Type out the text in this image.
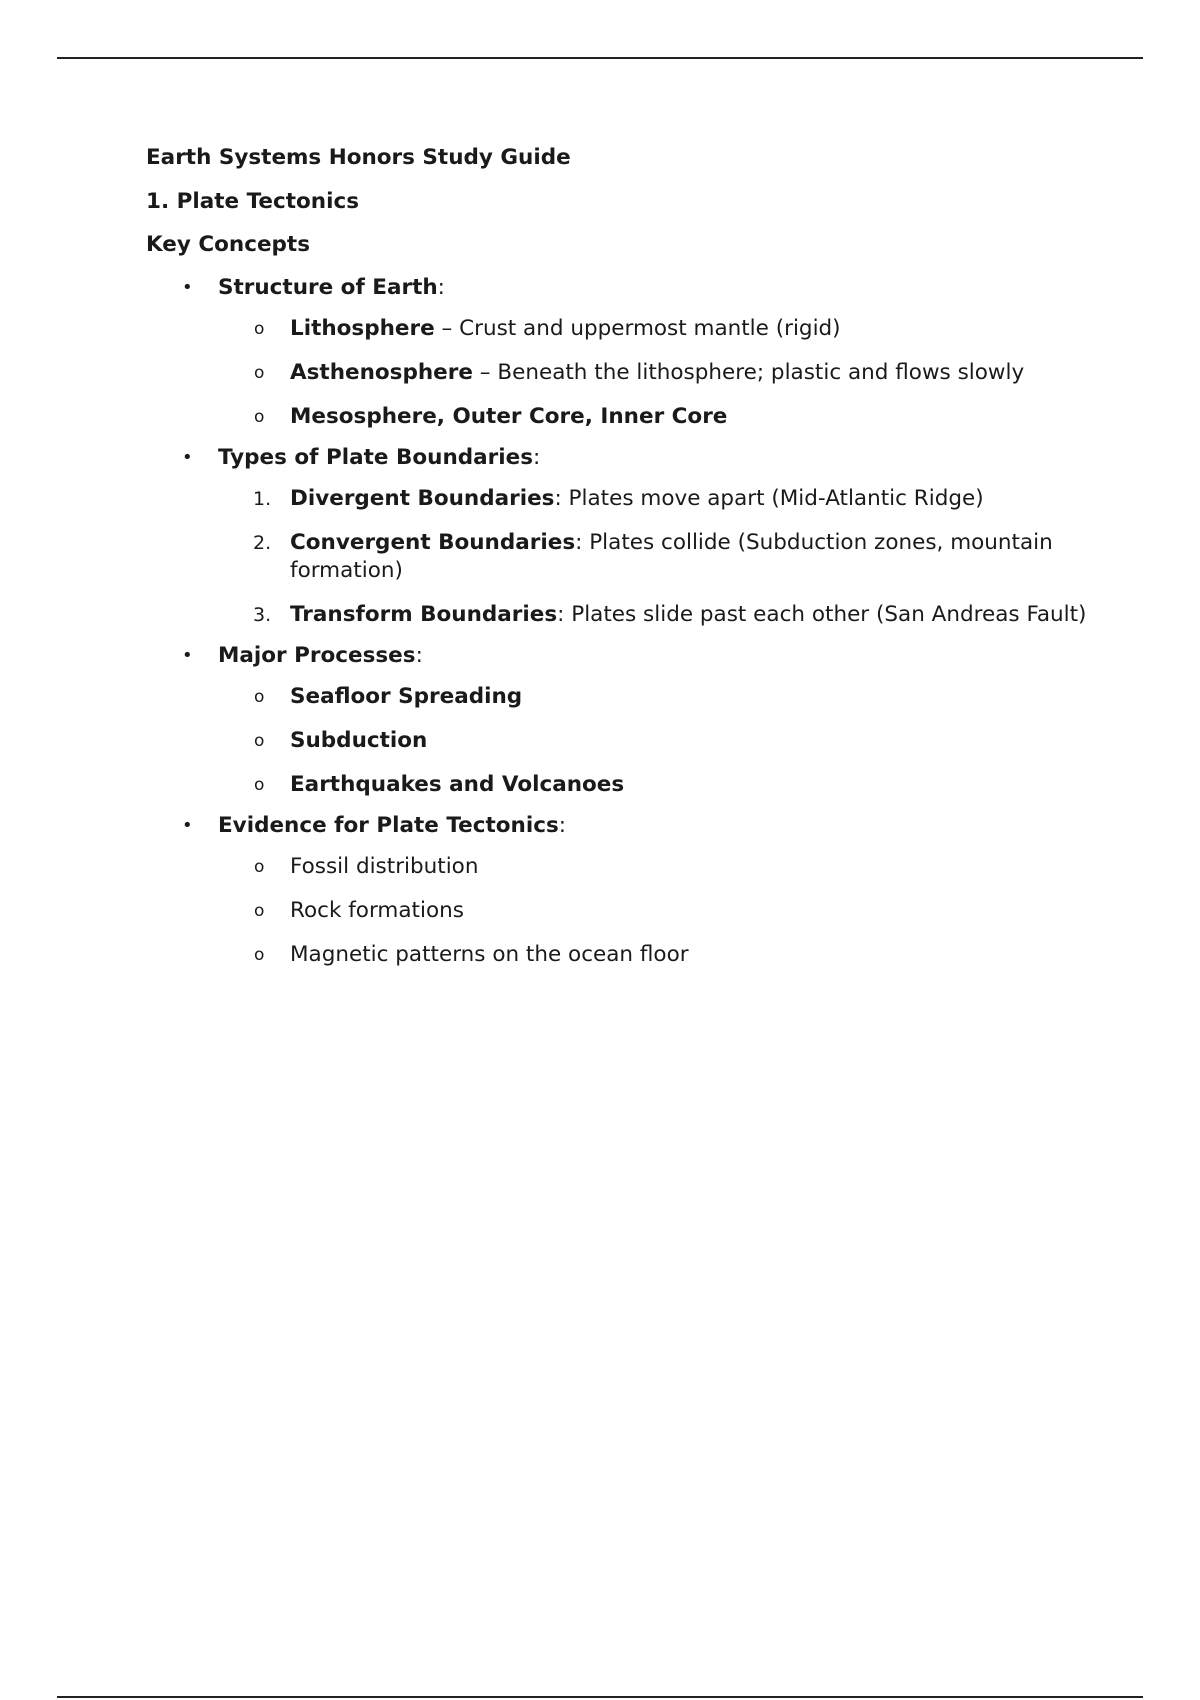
Earth Systems Honors Study Guide

1. Plate Tectonics

Key Concepts

• Structure of Earth:
o Lithosphere – Crust and uppermost mantle (rigid)
o Asthenosphere – Beneath the lithosphere; plastic and flows slowly
o Mesosphere, Outer Core, Inner Core
• Types of Plate Boundaries:
1. Divergent Boundaries: Plates move apart (Mid-Atlantic Ridge)
2. Convergent Boundaries: Plates collide (Subduction zones, mountain formation)
3. Transform Boundaries: Plates slide past each other (San Andreas Fault)
• Major Processes:
o Seafloor Spreading
o Subduction
o Earthquakes and Volcanoes
• Evidence for Plate Tectonics:
o Fossil distribution
o Rock formations
o Magnetic patterns on the ocean floor
